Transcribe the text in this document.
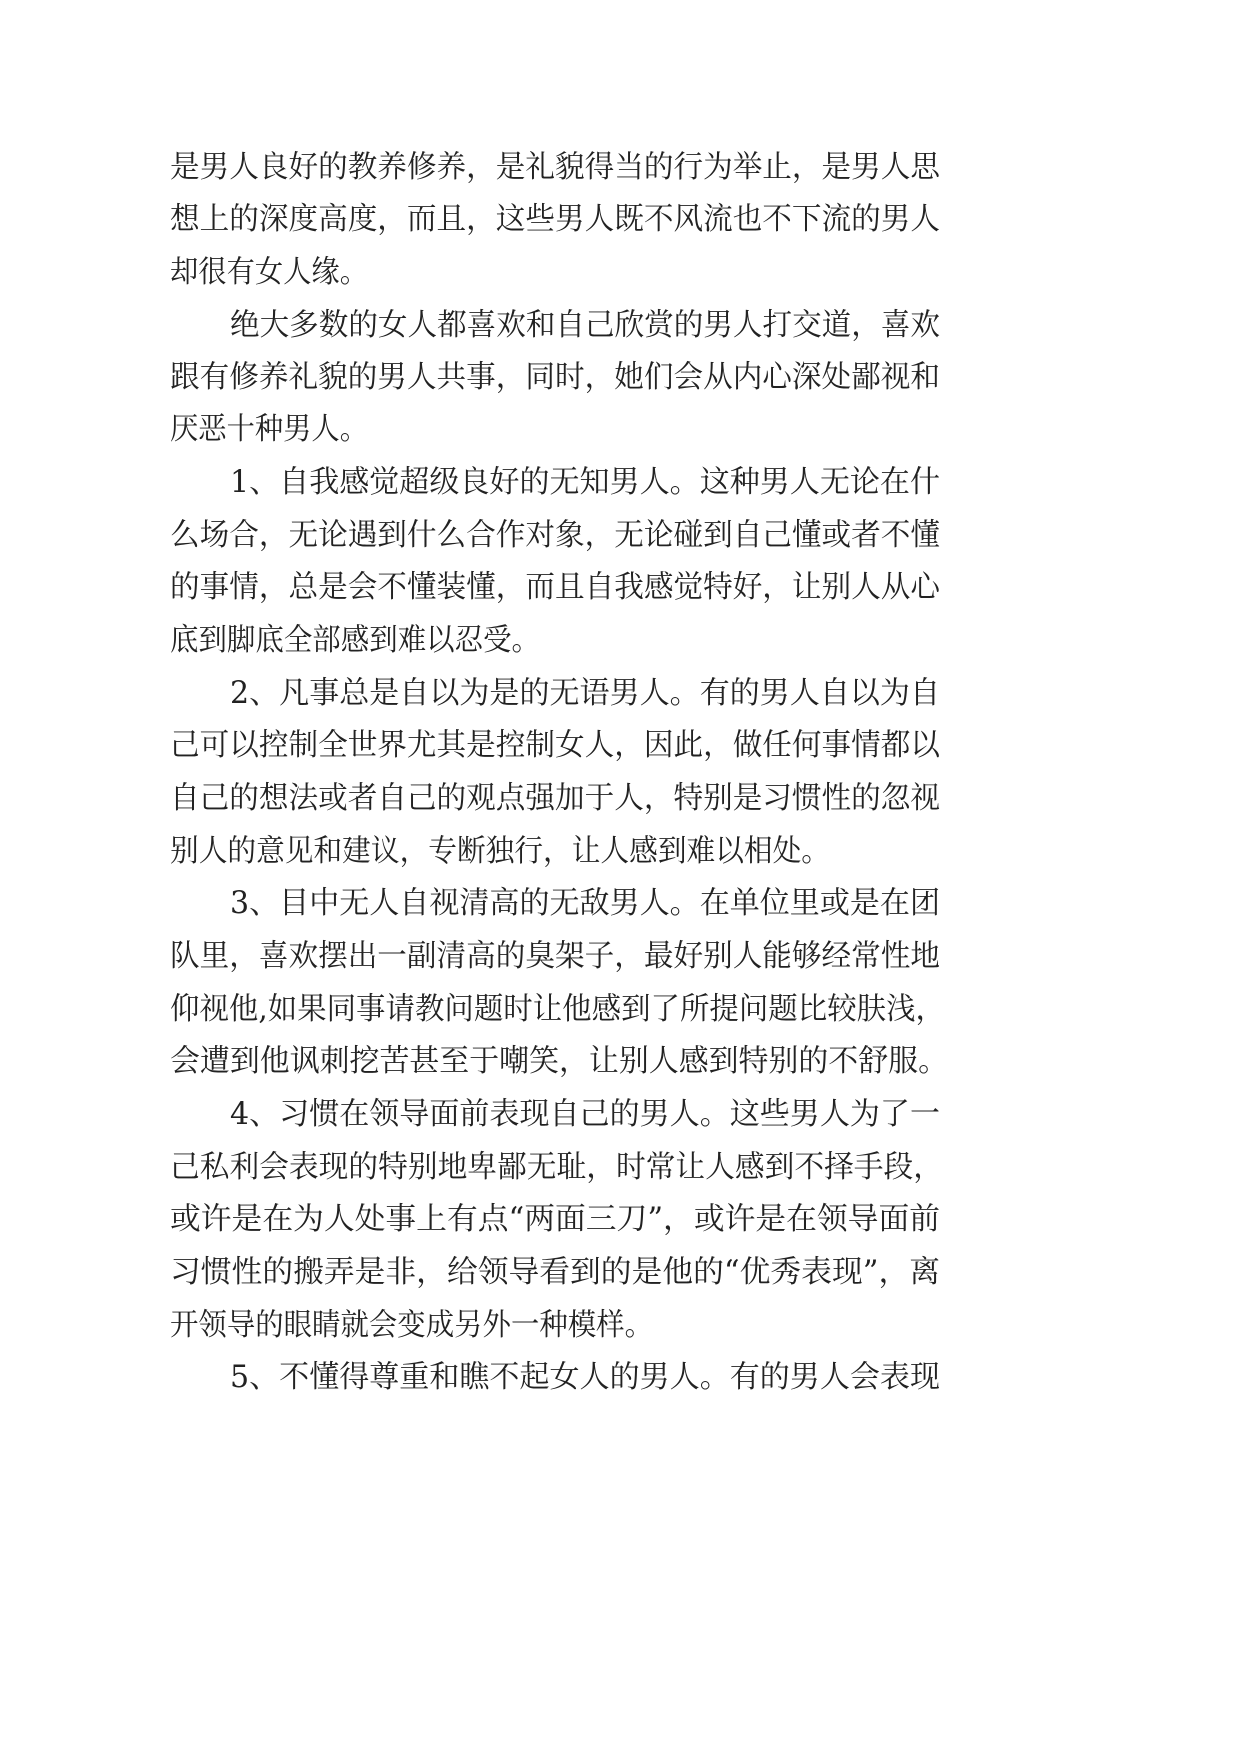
是男人良好的教养修养，是礼貌得当的行为举止，是男人思
想上的深度高度，而且，这些男人既不风流也不下流的男人
却很有女人缘。
绝大多数的女人都喜欢和自己欣赏的男人打交道，喜欢
跟有修养礼貌的男人共事，同时，她们会从内心深处鄙视和
厌恶十种男人。
1、自我感觉超级良好的无知男人。这种男人无论在什
么场合，无论遇到什么合作对象，无论碰到自己懂或者不懂
的事情，总是会不懂装懂，而且自我感觉特好，让别人从心
底到脚底全部感到难以忍受。
2、凡事总是自以为是的无语男人。有的男人自以为自
己可以控制全世界尤其是控制女人，因此，做任何事情都以
自己的想法或者自己的观点强加于人，特别是习惯性的忽视
别人的意见和建议，专断独行，让人感到难以相处。
3、目中无人自视清高的无敌男人。在单位里或是在团
队里，喜欢摆出一副清高的臭架子，最好别人能够经常性地
仰视他,如果同事请教问题时让他感到了所提问题比较肤浅，
会遭到他讽刺挖苦甚至于嘲笑，让别人感到特别的不舒服。
4、习惯在领导面前表现自己的男人。这些男人为了一
己私利会表现的特别地卑鄙无耻，时常让人感到不择手段，
或许是在为人处事上有点“两面三刀”，或许是在领导面前
习惯性的搬弄是非，给领导看到的是他的“优秀表现”，离
开领导的眼睛就会变成另外一种模样。
5、不懂得尊重和瞧不起女人的男人。有的男人会表现
